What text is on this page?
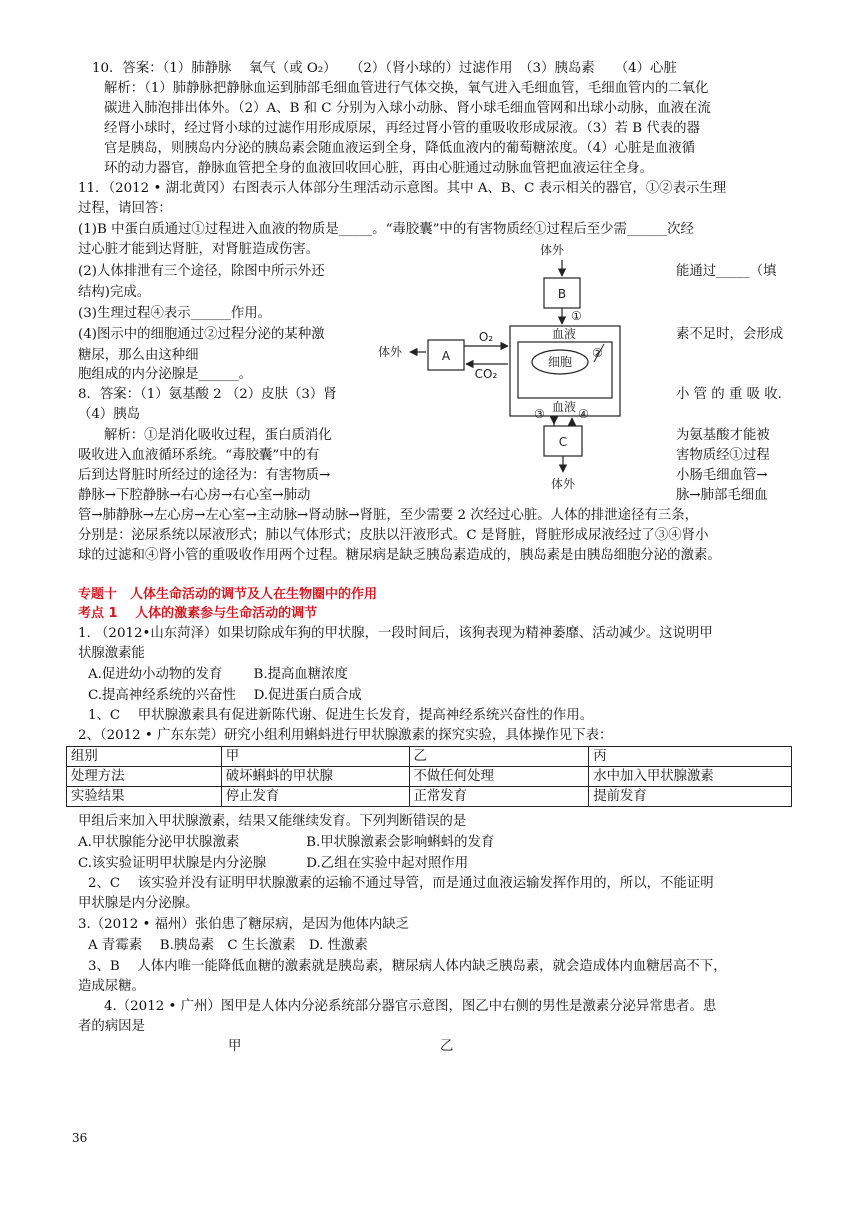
10．答案：（1）肺静脉　 氧气（或 O₂）　　（2）（肾小球的）过滤作用　（3）胰岛素　　（4）心脏
解析：（1）肺静脉把静脉血运到肺部毛细血管进行气体交换，氧气进入毛细血管，毛细血管内的二氧化
碳进入肺泡排出体外。（2）A、B 和 C 分别为入球小动脉、肾小球毛细血管网和出球小动脉，血液在流
经肾小球时，经过肾小球的过滤作用形成原尿，再经过肾小管的重吸收形成尿液。（3）若 B 代表的器
官是胰岛，则胰岛内分泌的胰岛素会随血液运到全身，降低血液内的葡萄糖浓度。（4）心脏是血液循
环的动力器官，静脉血管把全身的血液回收回心脏，再由心脏通过动脉血管把血液运往全身。
11．（2012 • 湖北黄冈）右图表示人体部分生理活动示意图。其中 A、B、C 表示相关的器官，①②表示生理
过程，请回答：
(1)B 中蛋白质通过①过程进入血液的物质是_____。“毒胶囊”中的有害物质经①过程后至少需______次经
过心脏才能到达肾脏，对肾脏造成伤害。
(2)人体排泄有三个途径，除图中所示外还	能通过_____（填
结构)完成。
(3)生理过程④表示______作用。
(4)图示中的细胞通过②过程分泌的某种激	素不足时，会形成
糖尿，那么由这种细
胞组成的内分泌腺是______。
8．答案：（1）氨基酸 2 （2）皮肤（3）肾	小 管 的 重 吸 收.
（4）胰岛
解析：①是消化吸收过程，蛋白质消化	为氨基酸才能被
吸收进入血液循环系统。“毒胶囊”中的有	害物质经①过程
后到达肾脏时所经过的途径为：有害物质→	小肠毛细血管→
静脉→下腔静脉→右心房→右心室→肺动	脉→肺部毛细血
管→肺静脉→左心房→左心室→主动脉→肾动脉→肾脏，至少需要 2 次经过心脏。人体的排泄途径有三条，
分别是：泌尿系统以尿液形式；肺以气体形式；皮肤以汗液形式。C 是肾脏，肾脏形成尿液经过了③④肾小
球的过滤和④肾小管的重吸收作用两个过程。糖尿病是缺乏胰岛素造成的，胰岛素是由胰岛细胞分泌的激素。
1. （2012•山东菏泽）如果切除成年狗的甲状腺，一段时间后，该狗表现为精神萎靡、活动减少。这说明甲
状腺激素能
A.促进幼小动物的发育　　 B.提高血糖浓度
C.提高神经系统的兴奋性　 D.促进蛋白质合成
1、C　 甲状腺激素具有促进新陈代谢、促进生长发育，提高神经系统兴奋性的作用。
2、（2012 • 广东东莞）研究小组利用蝌蚪进行甲状腺激素的探究实验，具体操作见下表：
甲组后来加入甲状腺激素，结果又能继续发育。下列判断错误的是
A.甲状腺能分泌甲状腺激素　　　　　B.甲状腺激素会影响蝌蚪的发育
C.该实验证明甲状腺是内分泌腺　　　D.乙组在实验中起对照作用
2、C　 该实验并没有证明甲状腺激素的运输不通过导管，而是通过血液运输发挥作用的，所以，不能证明
甲状腺是内分泌腺。
3.（2012 • 福州）张伯患了糖尿病，是因为他体内缺乏
A 青霉素　 B.胰岛素　C 生长激素　D. 性激素
3、B　 人体内唯一能降低血糖的激素就是胰岛素，糖尿病人体内缺乏胰岛素，就会造成体内血糖居高不下，
造成尿糖。
4.（2012 • 广州）图甲是人体内分泌系统部分器官示意图，图乙中右侧的男性是激素分泌异常患者。患
者的病因是
甲	乙
专题十　人体生命活动的调节及人在生物圈中的作用
考点 1　 人体的激素参与生命活动的调节
组别	甲	乙	丙
处理方法	破坏蝌蚪的甲状腺	不做任何处理	水中加入甲状腺激素
实验结果	停止发育	正常发育	提前发育
体外
B
①
血液
血液
细胞
②
体外	A
O₂
CO₂
③	④
C
体外
36
